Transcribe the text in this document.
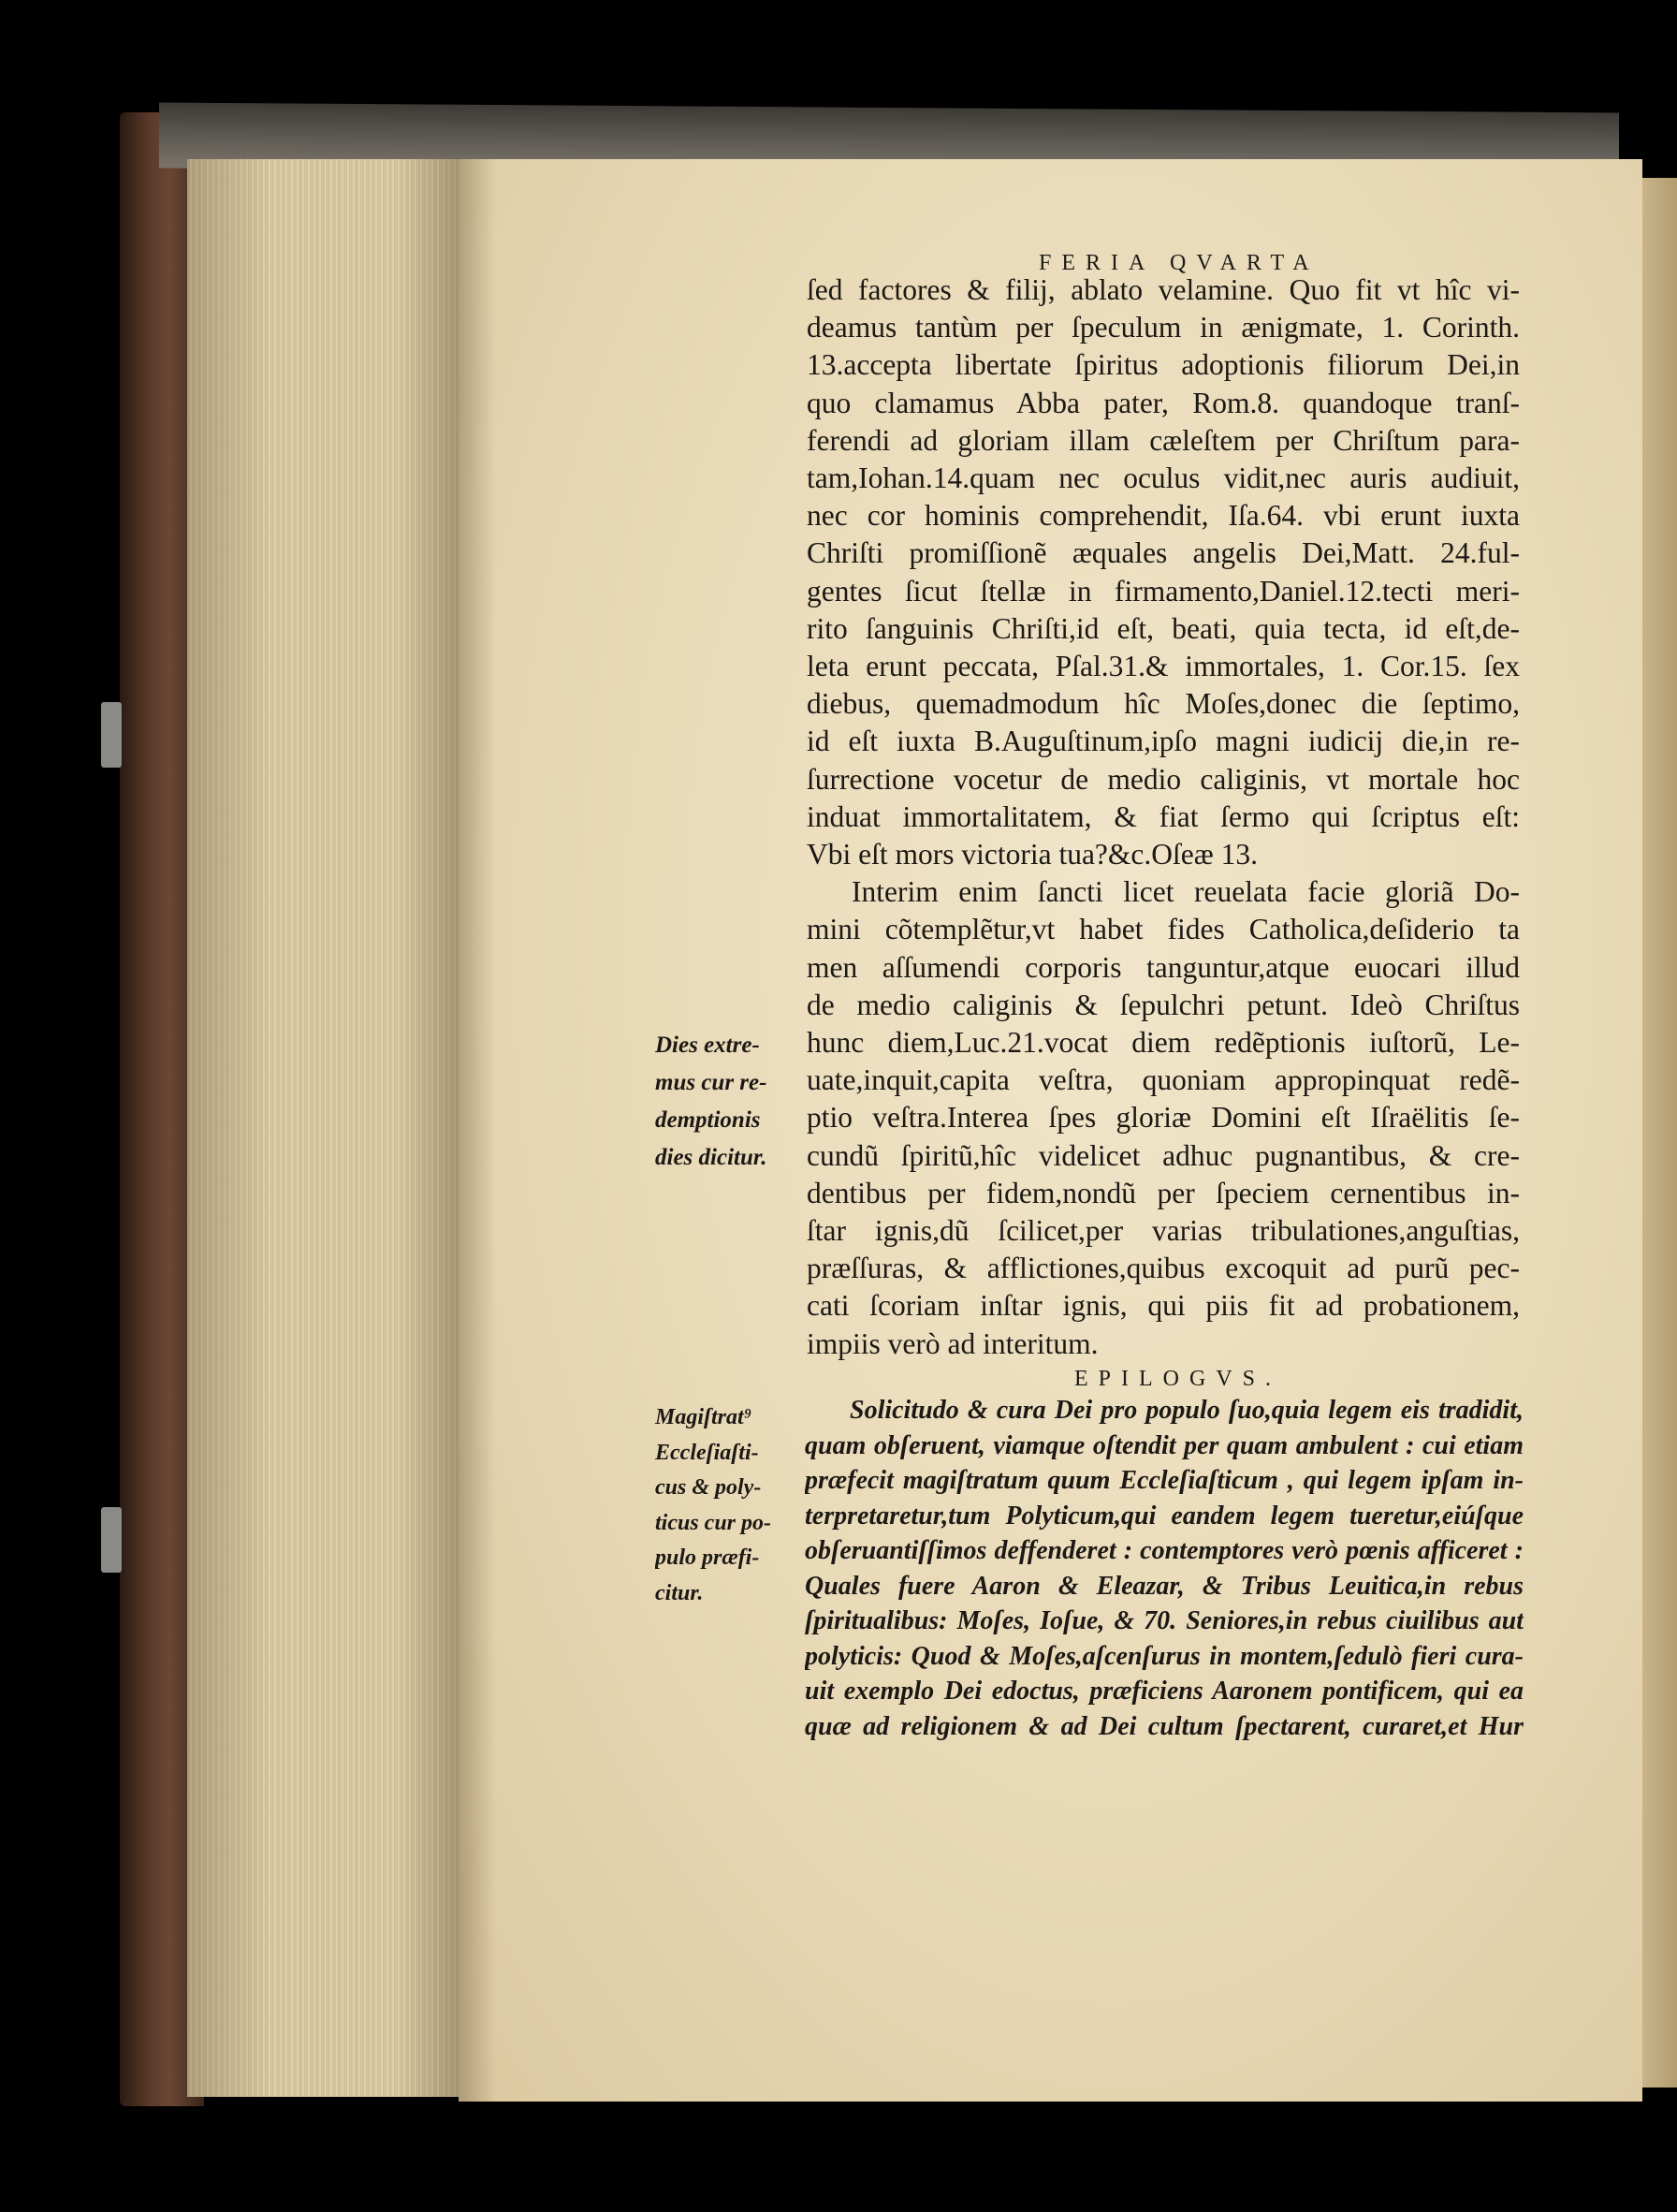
FERIA QVARTA
ſed factores & filij, ablato velamine. Quo fit vt hîc vi-
deamus tantùm per ſpeculum in ænigmate, 1. Corinth.
13.accepta libertate ſpiritus adoptionis filiorum Dei,in
quo clamamus Abba pater, Rom.8. quandoque tranſ-
ferendi ad gloriam illam cæleſtem per Chriſtum para-
tam,Iohan.14.quam nec oculus vidit,nec auris audiuit,
nec cor hominis comprehendit, Iſa.64. vbi erunt iuxta
Chriſti promiſſionẽ æquales angelis Dei,Matt. 24.ful-
gentes ſicut ſtellæ in firmamento,Daniel.12.tecti meri-
rito ſanguinis Chriſti,id eſt, beati, quia tecta, id eſt,de-
leta erunt peccata, Pſal.31.& immortales, 1. Cor.15. ſex
diebus, quemadmodum hîc Moſes,donec die ſeptimo,
id eſt iuxta B.Auguſtinum,ipſo magni iudicij die,in re-
ſurrectione vocetur de medio caliginis, vt mortale hoc
induat immortalitatem, & fiat ſermo qui ſcriptus eſt:
Vbi eſt mors victoria tua?&c.Oſeæ 13.
Interim enim ſancti licet reuelata facie gloriã Do-
mini cõtemplẽtur,vt habet fides Catholica,deſiderio ta
men aſſumendi corporis tanguntur,atque euocari illud
de medio caliginis & ſepulchri petunt. Ideò Chriſtus
hunc diem,Luc.21.vocat diem redẽptionis iuſtorũ, Le-
uate,inquit,capita veſtra, quoniam appropinquat redẽ-
ptio veſtra.Interea ſpes gloriæ Domini eſt Iſraëlitis ſe-
cundũ ſpiritũ,hîc videlicet adhuc pugnantibus, & cre-
dentibus per fidem,nondũ per ſpeciem cernentibus in-
ſtar ignis,dũ ſcilicet,per varias tribulationes,anguſtias,
præſſuras, & afflictiones,quibus excoquit ad purũ pec-
cati ſcoriam inſtar ignis, qui piis fit ad probationem,
impiis verò ad interitum.
Dies extre-
mus cur re-
demptionis
dies dicitur.
EPILOGVS.
Solicitudo & cura Dei pro populo ſuo,quia legem eis tradidit,
quam obſeruent, viamque oſtendit per quam ambulent : cui etiam
præfecit magiſtratum quum Eccleſiaſticum , qui legem ipſam in-
terpretaretur,tum Polyticum,qui eandem legem tueretur,eiúſque
obſeruantiſſimos deffenderet : contemptores verò pœnis afficeret :
Quales fuere Aaron & Eleazar, & Tribus Leuitica,in rebus
ſpiritualibus: Moſes, Ioſue, & 70. Seniores,in rebus ciuilibus aut
polyticis: Quod & Moſes,aſcenſurus in montem,ſedulò fieri cura-
uit exemplo Dei edoctus, præficiens Aaronem pontificem, qui ea
quæ ad religionem & ad Dei cultum ſpectarent, curaret,et Hur
Magiſtrat⁹
Eccleſiaſti-
cus & poly-
ticus cur po-
pulo præfi-
citur.
